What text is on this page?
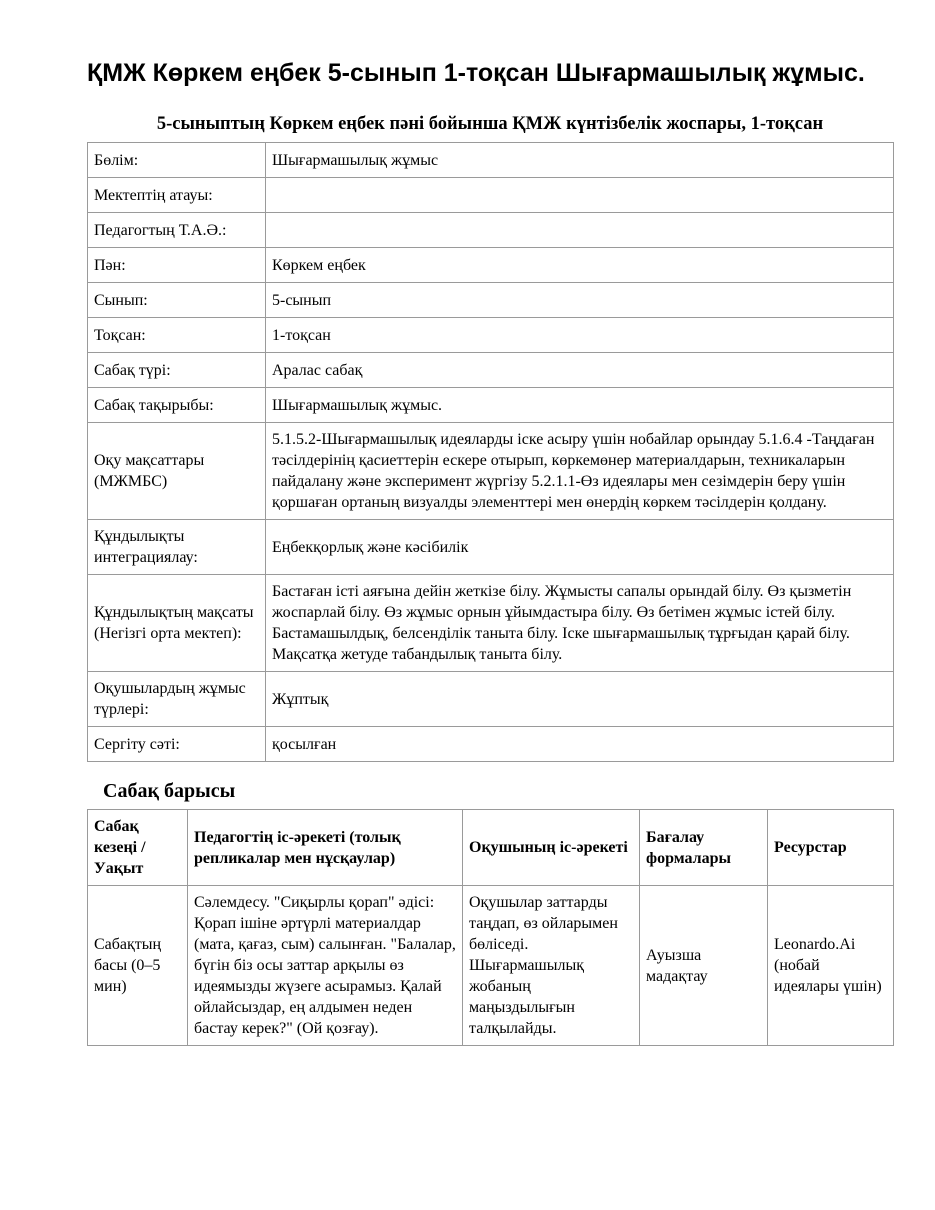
ҚМЖ Көркем еңбек 5-сынып 1-тоқсан Шығармашылық жұмыс.
5-сыныптың Көркем еңбек пәні бойынша ҚМЖ күнтізбелік жоспары, 1-тоқсан
Бөлім:	Шығармашылық жұмыс
Мектептің атауы:	
Педагогтың Т.А.Ә.:	
Пән:	Көркем еңбек
Сынып:	5-сынып
Тоқсан:	1-тоқсан
Сабақ түрі:	Аралас сабақ
Сабақ тақырыбы:	Шығармашылық жұмыс.
Оқу мақсаттары (МЖМБС)	5.1.5.2-Шығармашылық идеяларды іске асыру үшін нобайлар орындау 5.1.6.4 -Таңдаған тәсілдерінің қасиеттерін ескере отырып, көркемөнер материалдарын, техникаларын пайдалану және эксперимент жүргізу 5.2.1.1-Өз идеялары мен сезімдерін беру үшін қоршаған ортаның визуалды элементтері мен өнердің көркем тәсілдерін қолдану.
Құндылықты интеграциялау:	Еңбекқорлық және кәсібилік
Құндылықтың мақсаты (Негізгі орта мектеп):	Бастаған істі аяғына дейін жеткізе білу. Жұмысты сапалы орындай білу. Өз қызметін жоспарлай білу. Өз жұмыс орнын ұйымдастыра білу. Өз бетімен жұмыс істей білу. Бастамашылдық, белсенділік таныта білу. Іске шығармашылық тұрғыдан қарай білу. Мақсатқа жетуде табандылық таныта білу.
Оқушылардың жұмыс түрлері:	Жұптық
Сергіту сәті:	қосылған
Сабақ барысы
Сабақ кезеңі / Уақыт	Педагогтің іс-әрекеті (толық репликалар мен нұсқаулар)	Оқушының іс-әрекеті	Бағалау формалары	Ресурстар
Сабақтың басы (0–5 мин)	Сәлемдесу. "Сиқырлы қорап" әдісі: Қорап ішіне әртүрлі материалдар (мата, қағаз, сым) салынған. "Балалар, бүгін біз осы заттар арқылы өз идеямызды жүзеге асырамыз. Қалай ойлайсыздар, ең алдымен неден бастау керек?" (Ой қозғау).	Оқушылар заттарды таңдап, өз ойларымен бөліседі. Шығармашылық жобаның маңыздылығын талқылайды.	Ауызша мадақтау	Leonardo.Ai (нобай идеялары үшін)
